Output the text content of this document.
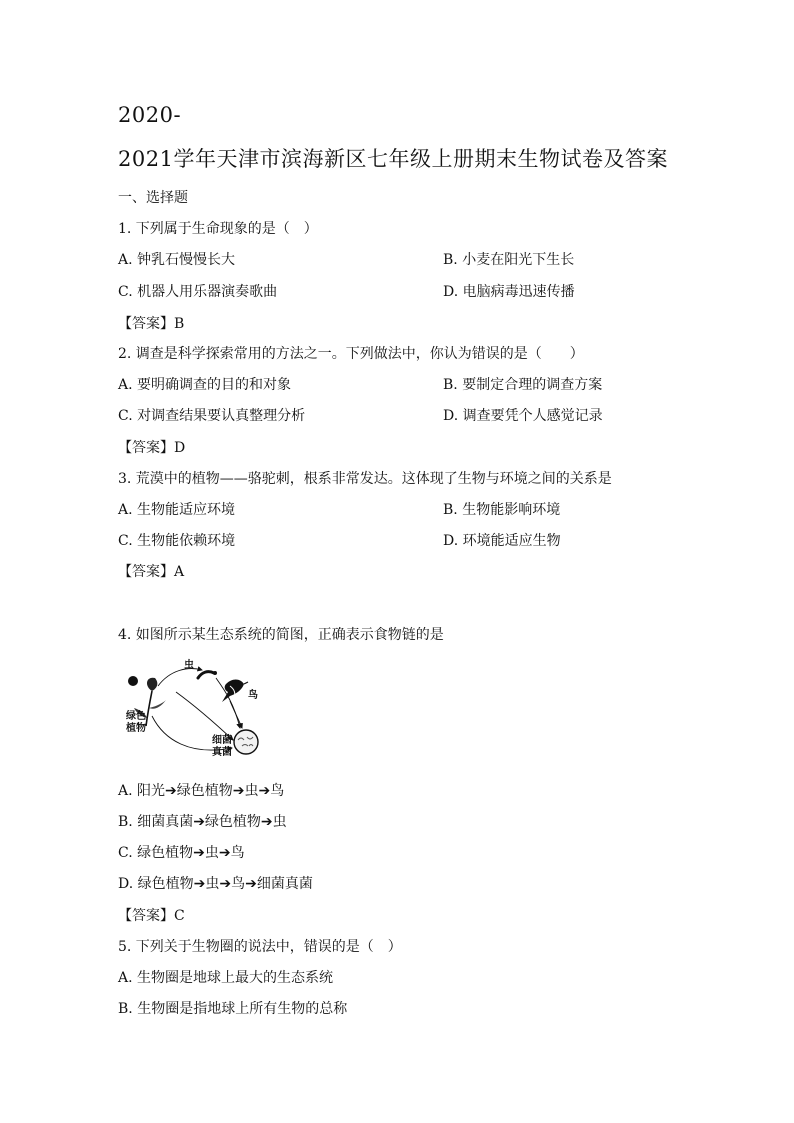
2020-
2021学年天津市滨海新区七年级上册期末生物试卷及答案
一、选择题
1. 下列属于生命现象的是（　）
A. 钟乳石慢慢长大	B. 小麦在阳光下生长
C. 机器人用乐器演奏歌曲	D. 电脑病毒迅速传播
【答案】B
2. 调查是科学探索常用的方法之一。下列做法中，你认为错误的是（　　）
A. 要明确调查的目的和对象	B. 要制定合理的调查方案
C. 对调查结果要认真整理分析	D. 调查要凭个人感觉记录
【答案】D
3. 荒漠中的植物——骆驼刺，根系非常发达。这体现了生物与环境之间的关系是
A. 生物能适应环境	B. 生物能影响环境
C. 生物能依赖环境	D. 环境能适应生物
【答案】A
4. 如图所示某生态系统的简图，正确表示食物链的是
虫
鸟
绿色
植物
细菌
真菌
A. 阳光➔绿色植物➔虫➔鸟
B. 细菌真菌➔绿色植物➔虫
C. 绿色植物➔虫➔鸟
D. 绿色植物➔虫➔鸟➔细菌真菌
【答案】C
5. 下列关于生物圈的说法中，错误的是（　）
A. 生物圈是地球上最大的生态系统
B. 生物圈是指地球上所有生物的总称
